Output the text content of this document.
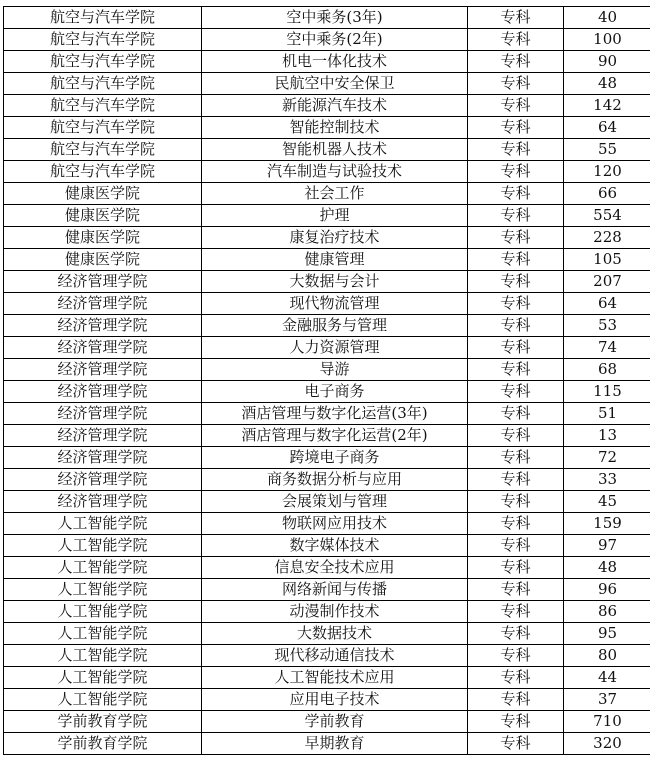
航空与汽车学院	空中乘务(3年)	专科	40
航空与汽车学院	空中乘务(2年)	专科	100
航空与汽车学院	机电一体化技术	专科	90
航空与汽车学院	民航空中安全保卫	专科	48
航空与汽车学院	新能源汽车技术	专科	142
航空与汽车学院	智能控制技术	专科	64
航空与汽车学院	智能机器人技术	专科	55
航空与汽车学院	汽车制造与试验技术	专科	120
健康医学院	社会工作	专科	66
健康医学院	护理	专科	554
健康医学院	康复治疗技术	专科	228
健康医学院	健康管理	专科	105
经济管理学院	大数据与会计	专科	207
经济管理学院	现代物流管理	专科	64
经济管理学院	金融服务与管理	专科	53
经济管理学院	人力资源管理	专科	74
经济管理学院	导游	专科	68
经济管理学院	电子商务	专科	115
经济管理学院	酒店管理与数字化运营(3年)	专科	51
经济管理学院	酒店管理与数字化运营(2年)	专科	13
经济管理学院	跨境电子商务	专科	72
经济管理学院	商务数据分析与应用	专科	33
经济管理学院	会展策划与管理	专科	45
人工智能学院	物联网应用技术	专科	159
人工智能学院	数字媒体技术	专科	97
人工智能学院	信息安全技术应用	专科	48
人工智能学院	网络新闻与传播	专科	96
人工智能学院	动漫制作技术	专科	86
人工智能学院	大数据技术	专科	95
人工智能学院	现代移动通信技术	专科	80
人工智能学院	人工智能技术应用	专科	44
人工智能学院	应用电子技术	专科	37
学前教育学院	学前教育	专科	710
学前教育学院	早期教育	专科	320
